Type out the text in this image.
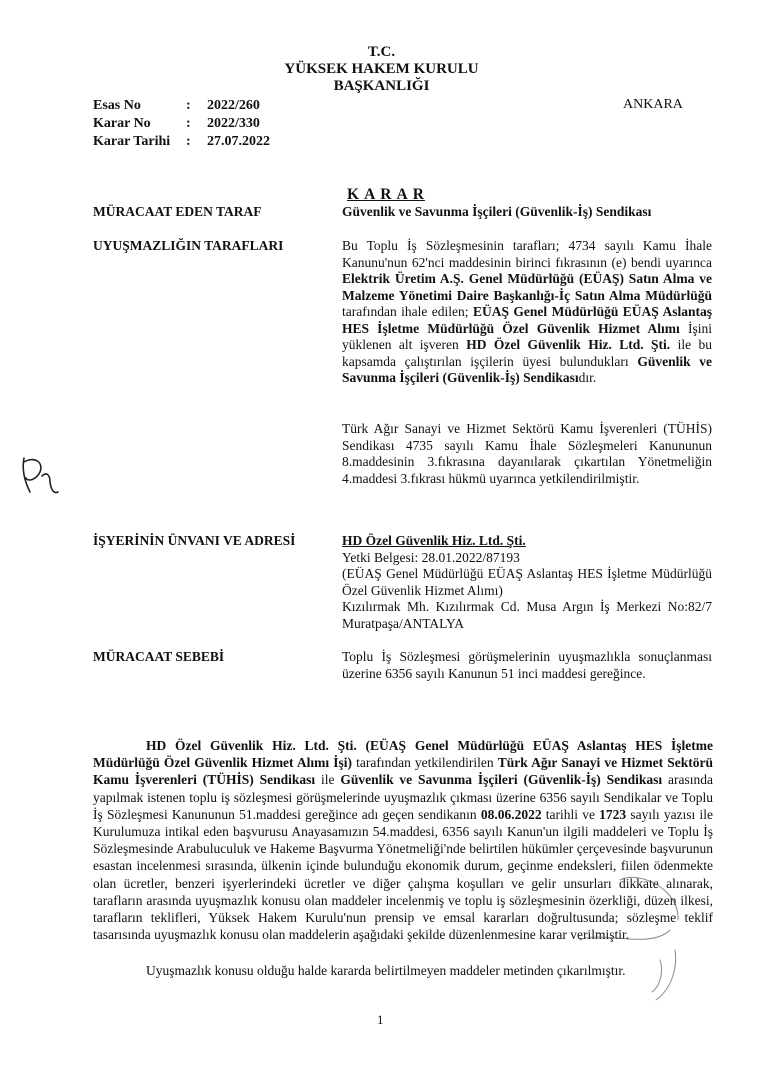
T.C.
YÜKSEK HAKEM KURULU
BAŞKANLIĞI
Esas No	: 2022/260
Karar No	: 2022/330
Karar Tarihi : 27.07.2022
ANKARA
K A R A R
MÜRACAAT EDEN TARAF	Güvenlik ve Savunma İşçileri (Güvenlik-İş) Sendikası
UYUŞMAZLIĞIN TARAFLARI	Bu Toplu İş Sözleşmesinin tarafları; 4734 sayılı Kamu İhale Kanunu'nun 62'nci maddesinin birinci fıkrasının (e) bendi uyarınca Elektrik Üretim A.Ş. Genel Müdürlüğü (EÜAŞ) Satın Alma ve Malzeme Yönetimi Daire Başkanlığı-İç Satın Alma Müdürlüğü tarafından ihale edilen; EÜAŞ Genel Müdürlüğü EÜAŞ Aslantaş HES İşletme Müdürlüğü Özel Güvenlik Hizmet Alımı İşini yüklenen alt işveren HD Özel Güvenlik Hiz. Ltd. Şti. ile bu kapsamda çalıştırılan işçilerin üyesi bulundukları Güvenlik ve Savunma İşçileri (Güvenlik-İş) Sendikasıdır.
Türk Ağır Sanayi ve Hizmet Sektörü Kamu İşverenleri (TÜHİS) Sendikası 4735 sayılı Kamu İhale Sözleşmeleri Kanununun 8.maddesinin 3.fıkrasına dayanılarak çıkartılan Yönetmeliğin 4.maddesi 3.fıkrası hükmü uyarınca yetkilendirilmiştir.
İŞYERİNİN ÜNVANI VE ADRESİ	HD Özel Güvenlik Hiz. Ltd. Şti.

Yetki Belgesi: 28.01.2022/87193

(EÜAŞ Genel Müdürlüğü EÜAŞ Aslantaş HES İşletme Müdürlüğü Özel Güvenlik Hizmet Alımı)

Kızılırmak Mh. Kızılırmak Cd. Musa Argın İş Merkezi No:82/7 Muratpaşa/ANTALYA

MÜRACAAT SEBEBİ	Toplu İş Sözleşmesi görüşmelerinin uyuşmazlıkla sonuçlanması üzerine 6356 sayılı Kanunun 51 inci maddesi gereğince.
HD Özel Güvenlik Hiz. Ltd. Şti. (EÜAŞ Genel Müdürlüğü EÜAŞ Aslantaş HES İşletme Müdürlüğü Özel Güvenlik Hizmet Alımı İşi) tarafından yetkilendirilen Türk Ağır Sanayi ve Hizmet Sektörü Kamu İşverenleri (TÜHİS) Sendikası ile Güvenlik ve Savunma İşçileri (Güvenlik-İş) Sendikası arasında yapılmak istenen toplu iş sözleşmesi görüşmelerinde uyuşmazlık çıkması üzerine 6356 sayılı Sendikalar ve Toplu İş Sözleşmesi Kanununun 51.maddesi gereğince adı geçen sendikanın 08.06.2022 tarihli ve 1723 sayılı yazısı ile Kurulumuza intikal eden başvurusu Anayasamızın 54.maddesi, 6356 sayılı Kanun'un ilgili maddeleri ve Toplu İş Sözleşmesinde Arabuluculuk ve Hakeme Başvurma Yönetmeliği'nde belirtilen hükümler çerçevesinde başvurunun esastan incelenmesi sırasında, ülkenin içinde bulunduğu ekonomik durum, geçinme endeksleri, fiilen ödenmekte olan ücretler, benzeri işyerlerindeki ücretler ve diğer çalışma koşulları ve gelir unsurları dikkate alınarak, tarafların arasında uyuşmazlık konusu olan maddeler incelenmiş ve toplu iş sözleşmesinin özerkliği, düzen ilkesi, tarafların teklifleri, Yüksek Hakem Kurulu'nun prensip ve emsal kararları doğrultusunda; sözleşme teklif tasarısında uyuşmazlık konusu olan maddelerin aşağıdaki şekilde düzenlenmesine karar verilmiştir.
Uyuşmazlık konusu olduğu halde kararda belirtilmeyen maddeler metinden çıkarılmıştır.
1
